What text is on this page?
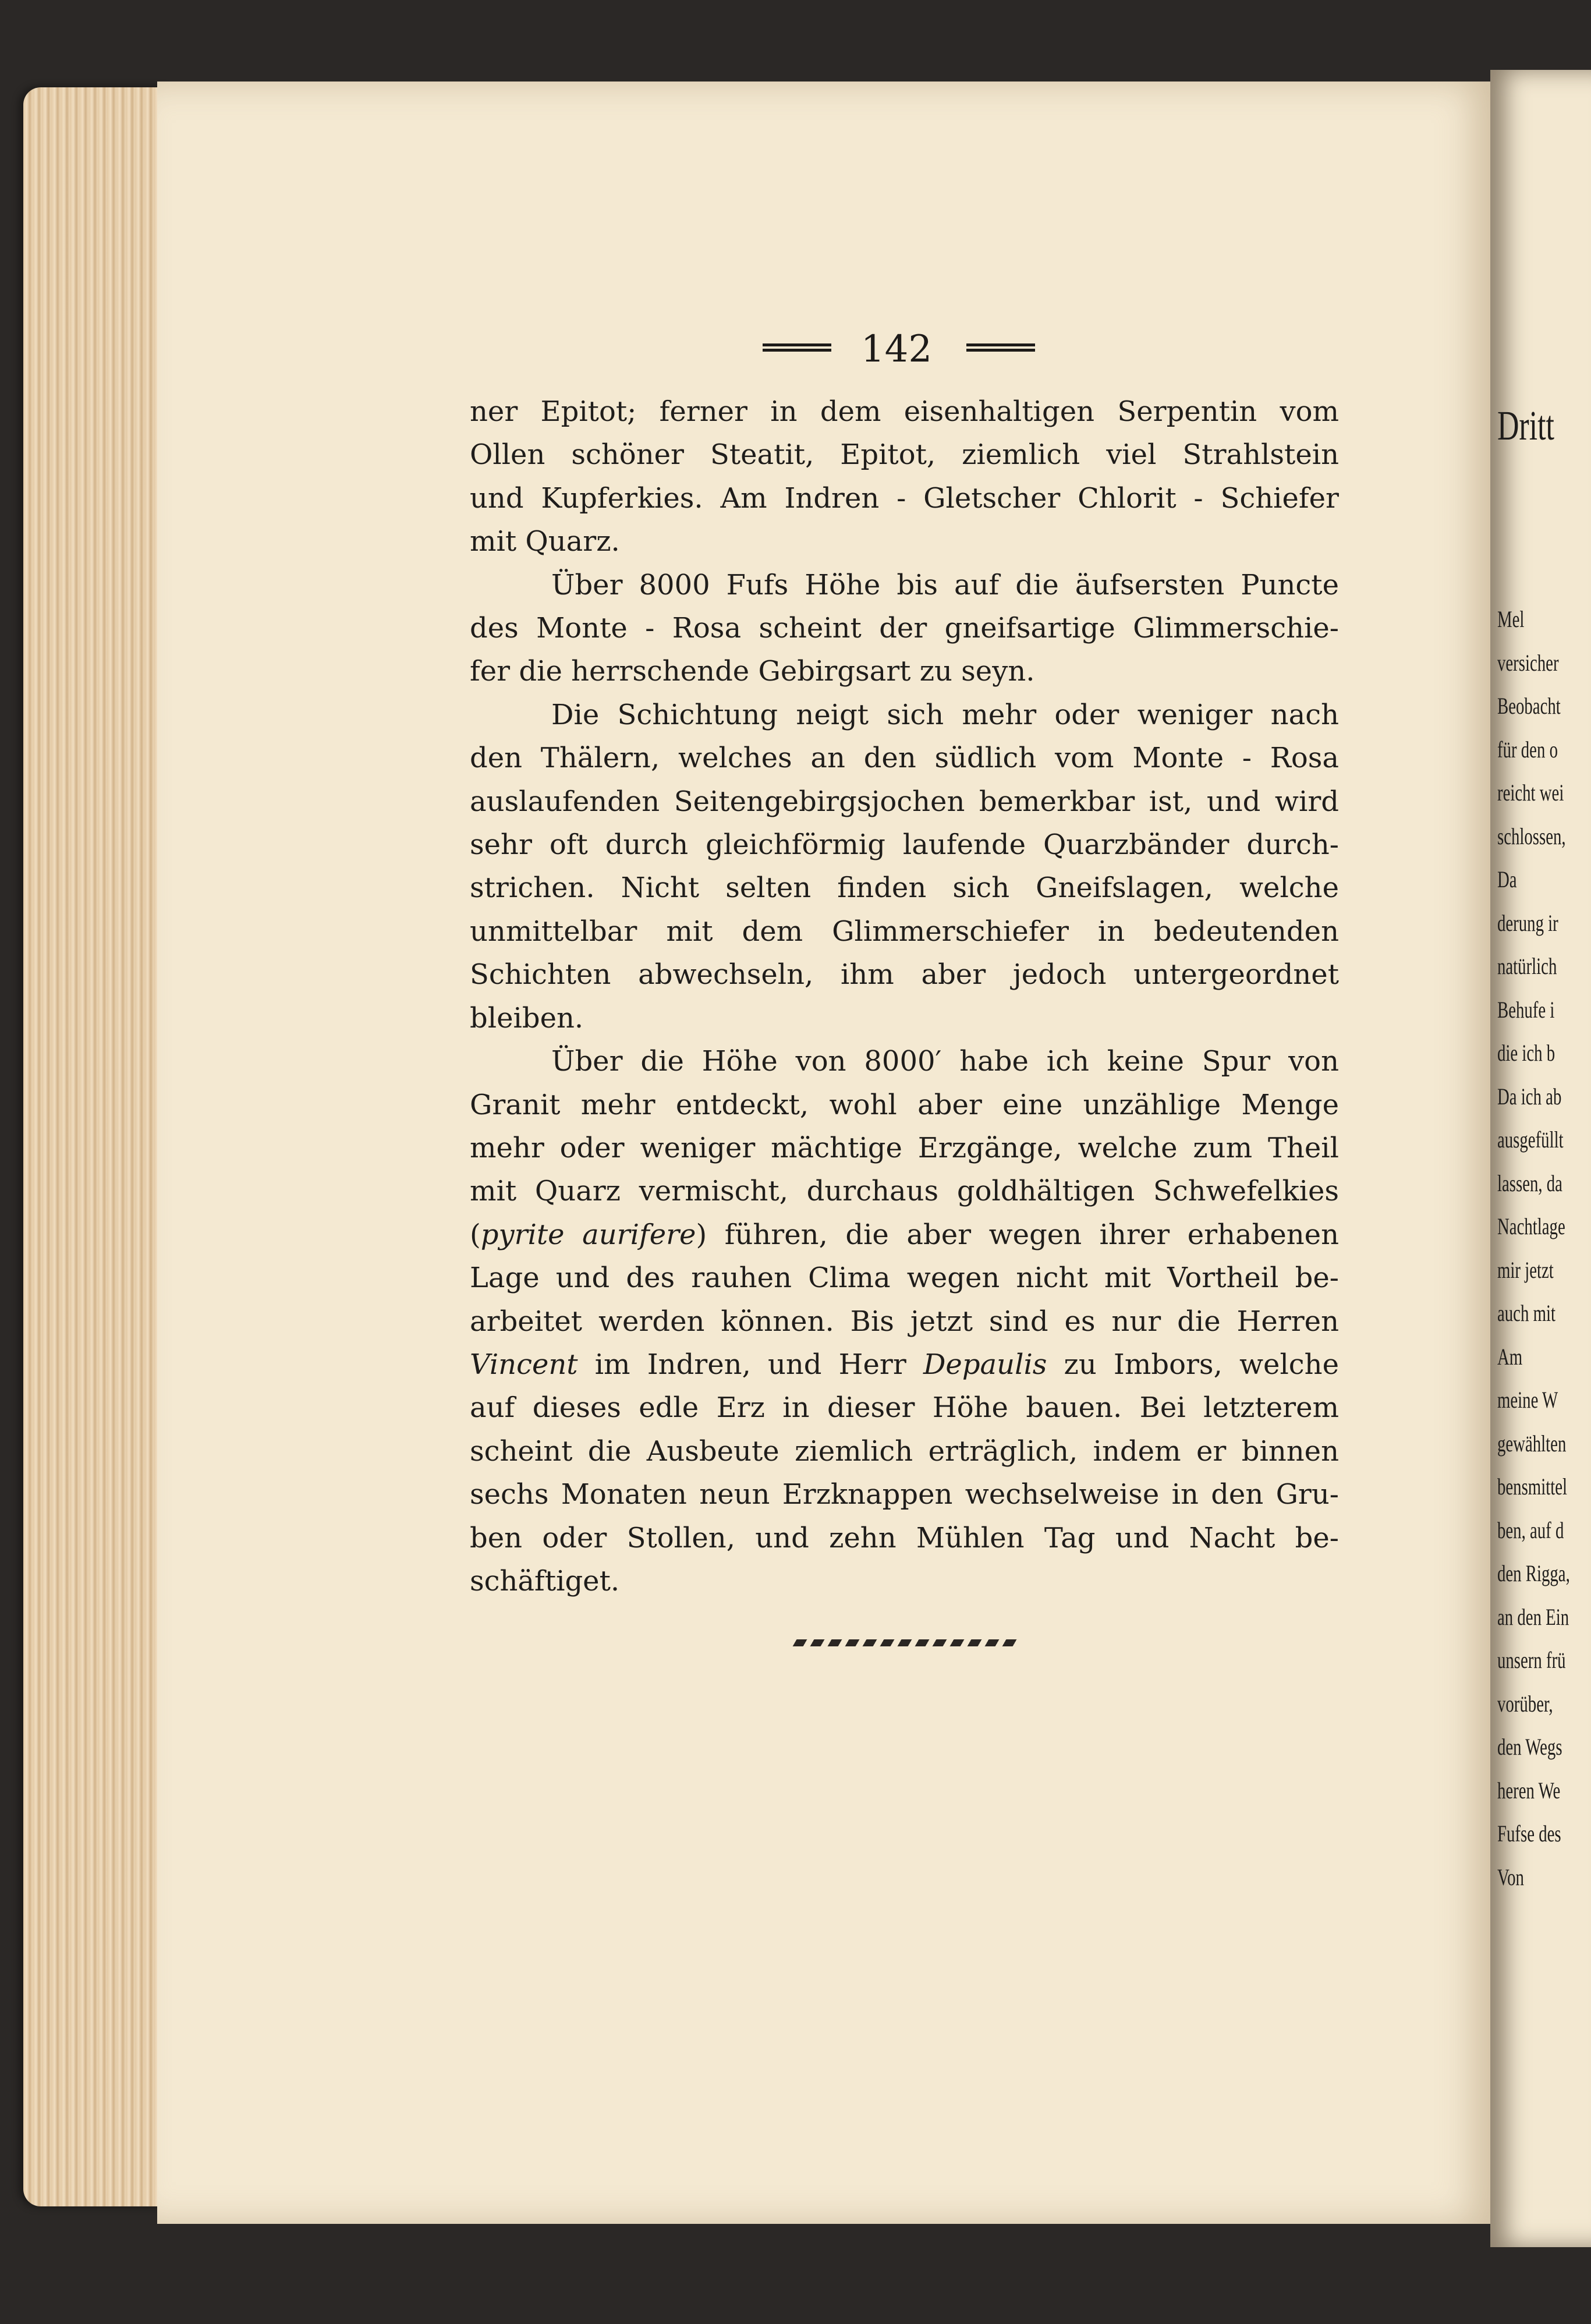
142
ner Epitot; ferner in dem eisenhaltigen Serpentin vom
Ollen schöner Steatit, Epitot, ziemlich viel Strahlstein
und Kupferkies. Am Indren - Gletscher Chlorit - Schiefer
mit Quarz.
Über 8000 Fufs Höhe bis auf die äufsersten Puncte
des Monte - Rosa scheint der gneifsartige Glimmerschie-
fer die herrschende Gebirgsart zu seyn.
Die Schichtung neigt sich mehr oder weniger nach
den Thälern, welches an den südlich vom Monte - Rosa
auslaufenden Seitengebirgsjochen bemerkbar ist, und wird
sehr oft durch gleichförmig laufende Quarzbänder durch-
strichen. Nicht selten finden sich Gneifslagen, welche
unmittelbar mit dem Glimmerschiefer in bedeutenden
Schichten abwechseln, ihm aber jedoch untergeordnet
bleiben.
Über die Höhe von 8000′ habe ich keine Spur von
Granit mehr entdeckt, wohl aber eine unzählige Menge
mehr oder weniger mächtige Erzgänge, welche zum Theil
mit Quarz vermischt, durchaus goldhältigen Schwefelkies
(pyrite aurifere) führen, die aber wegen ihrer erhabenen
Lage und des rauhen Clima wegen nicht mit Vortheil be-
arbeitet werden können. Bis jetzt sind es nur die Herren
Vincent im Indren, und Herr Depaulis zu Imbors, welche
auf dieses edle Erz in dieser Höhe bauen. Bei letzterem
scheint die Ausbeute ziemlich erträglich, indem er binnen
sechs Monaten neun Erzknappen wechselweise in den Gru-
ben oder Stollen, und zehn Mühlen Tag und Nacht be-
schäftiget.
Dritt
Mel
versicher
Beobacht
für den o
reicht wei
schlossen,
Da
derung ir
natürlich
Behufe i
die ich b
Da ich ab
ausgefüllt
lassen, da
Nachtlage
mir jetzt
auch mit
Am
meine W
gewählten
bensmittel
ben, auf d
den Rigga,
an den Ein
unsern frü
vorüber,
den Wegs
heren We
Fufse des
Von
